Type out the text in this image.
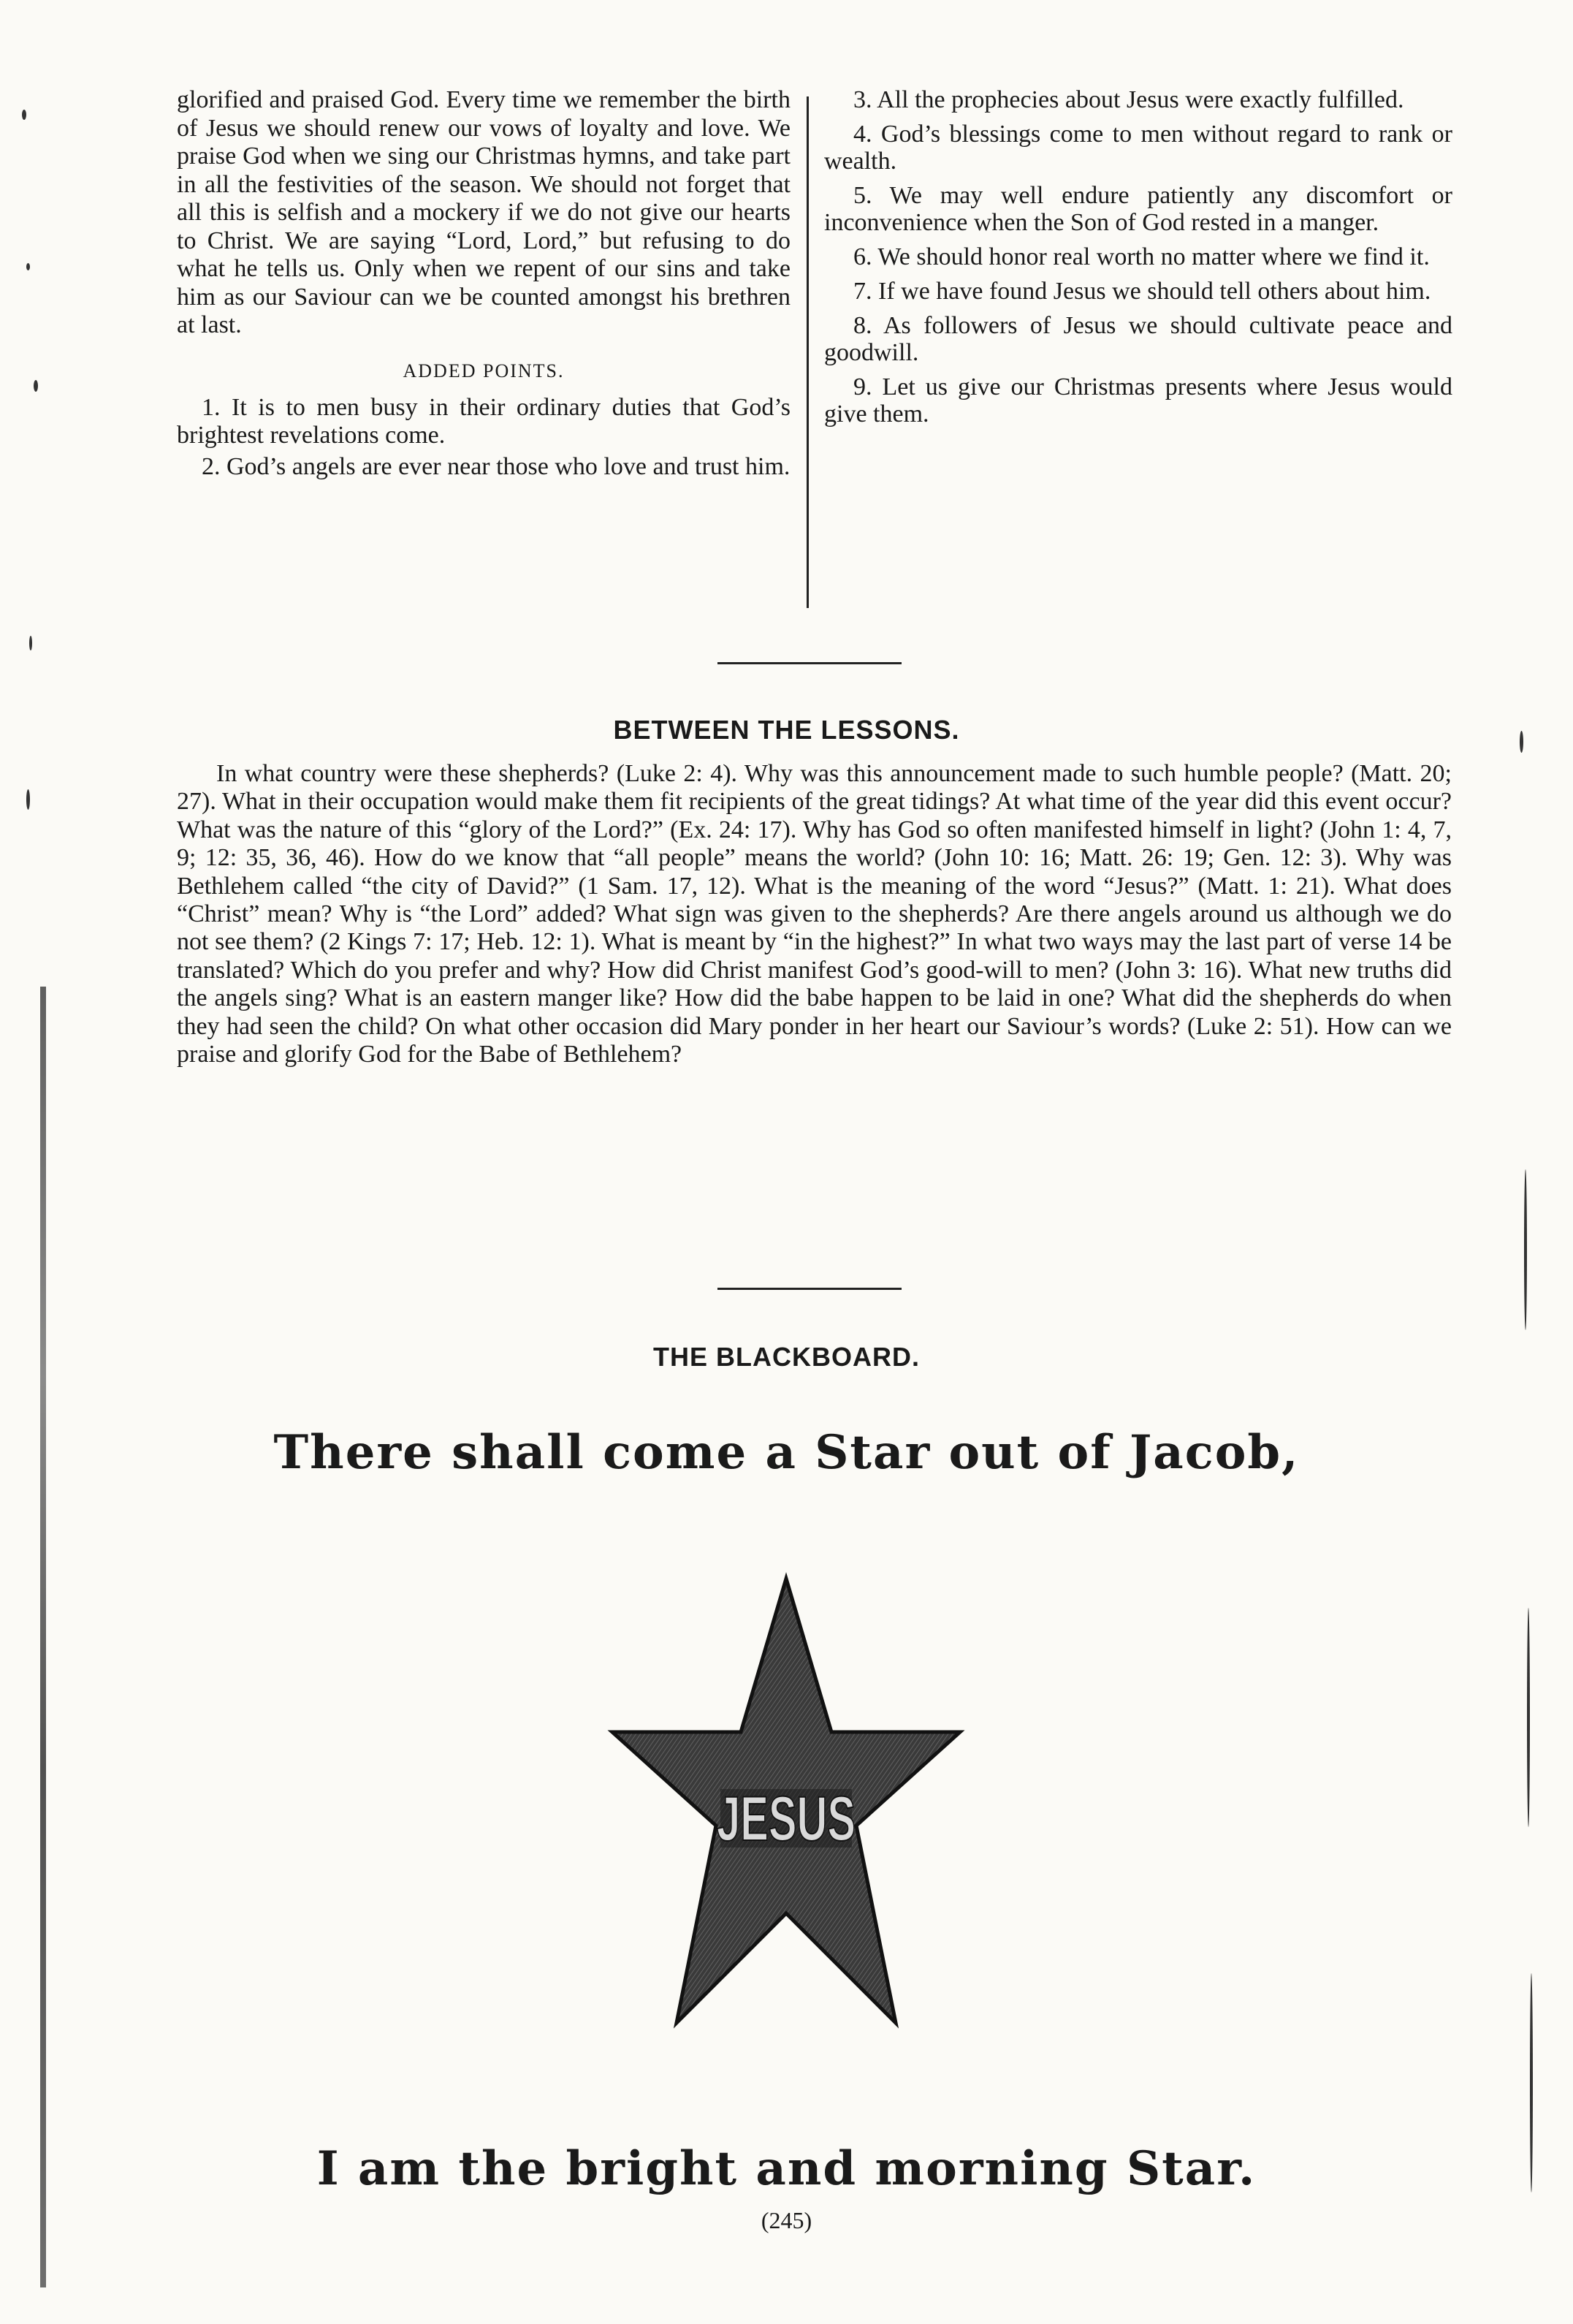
glorified and praised God. Every time we remember the birth of Jesus we should renew our vows of loyalty and love. We praise God when we sing our Christmas hymns, and take part in all the festivities of the season. We should not forget that all this is selfish and a mockery if we do not give our hearts to Christ. We are saying “Lord, Lord,” but refusing to do what he tells us. Only when we repent of our sins and take him as our Saviour can we be counted amongst his brethren at last.

ADDED POINTS.

1. It is to men busy in their ordinary duties that God’s brightest revelations come.

2. God’s angels are ever near those who love and trust him.

3. All the prophecies about Jesus were exactly fulfilled.

4. God’s blessings come to men without regard to rank or wealth.

5. We may well endure patiently any discomfort or inconvenience when the Son of God rested in a manger.

6. We should honor real worth no matter where we find it.

7. If we have found Jesus we should tell others about him.

8. As followers of Jesus we should cultivate peace and goodwill.

9. Let us give our Christmas presents where Jesus would give them.

BETWEEN THE LESSONS.

In what country were these shepherds? (Luke 2: 4). Why was this announcement made to such humble people? (Matt. 20; 27). What in their occupation would make them fit recipients of the great tidings? At what time of the year did this event occur? What was the nature of this “glory of the Lord?” (Ex. 24: 17). Why has God so often manifested himself in light? (John 1: 4, 7, 9; 12: 35, 36, 46). How do we know that “all people” means the world? (John 10: 16; Matt. 26: 19; Gen. 12: 3). Why was Bethlehem called “the city of David?” (1 Sam. 17, 12). What is the meaning of the word “Jesus?” (Matt. 1: 21). What does “Christ” mean? Why is “the Lord” added? What sign was given to the shepherds? Are there angels around us although we do not see them? (2 Kings 7: 17; Heb. 12: 1). What is meant by “in the highest?” In what two ways may the last part of verse 14 be translated? Which do you prefer and why? How did Christ manifest God’s good-will to men? (John 3: 16). What new truths did the angels sing? What is an eastern manger like? How did the babe happen to be laid in one? What did the shepherds do when they had seen the child? On what other occasion did Mary ponder in her heart our Saviour’s words? (Luke 2: 51). How can we praise and glorify God for the Babe of Bethlehem?

THE BLACKBOARD.
There shall come a Star out of Jacob,
JESUS
I am the bright and morning Star.
(245)
